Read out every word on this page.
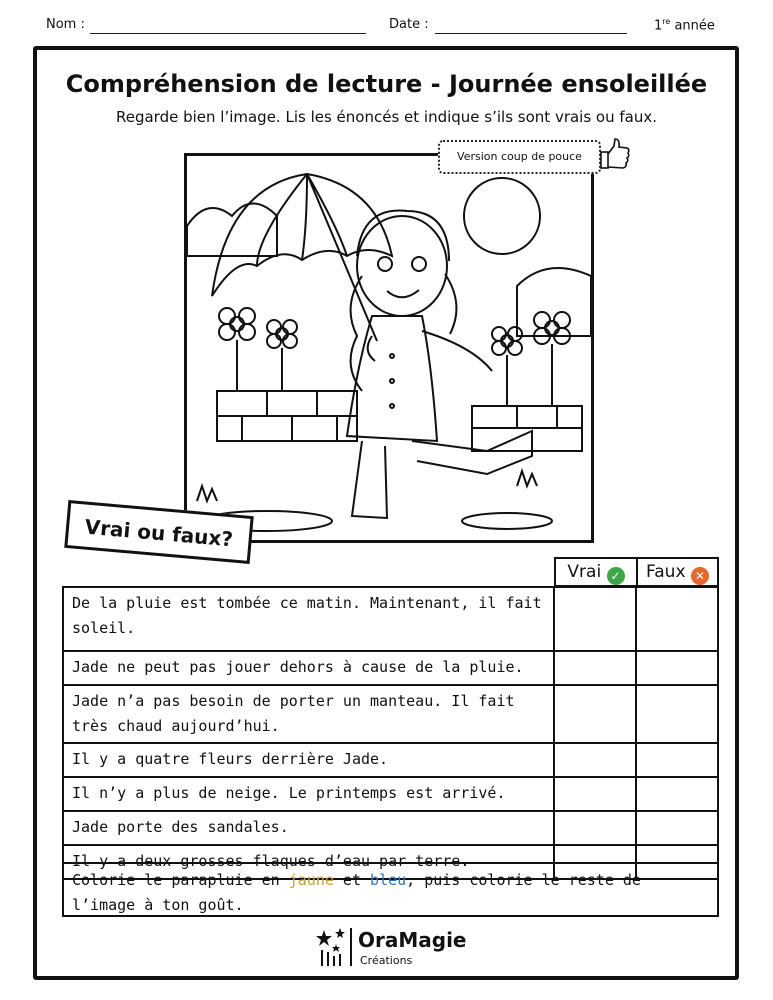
Nom :	Date :	1re année
Compréhension de lecture - Journée ensoleillée
Regarde bien l’image. Lis les énoncés et indique s’ils sont vrais ou faux.
Version coup de pouce
Vrai ou faux?
Vrai ✓	Faux ✕
De la pluie est tombée ce matin. Maintenant, il fait soleil.		
Jade ne peut pas jouer dehors à cause de la pluie.		
Jade n’a pas besoin de porter un manteau. Il fait très chaud aujourd’hui.		
Il y a quatre fleurs derrière Jade.		
Il n’y a plus de neige. Le printemps est arrivé.		
Jade porte des sandales.		
Il y a deux grosses flaques d’eau par terre.		
Colorie le parapluie en jaune et bleu, puis colorie le reste de l’image à ton goût.
OraMagie
Créations
